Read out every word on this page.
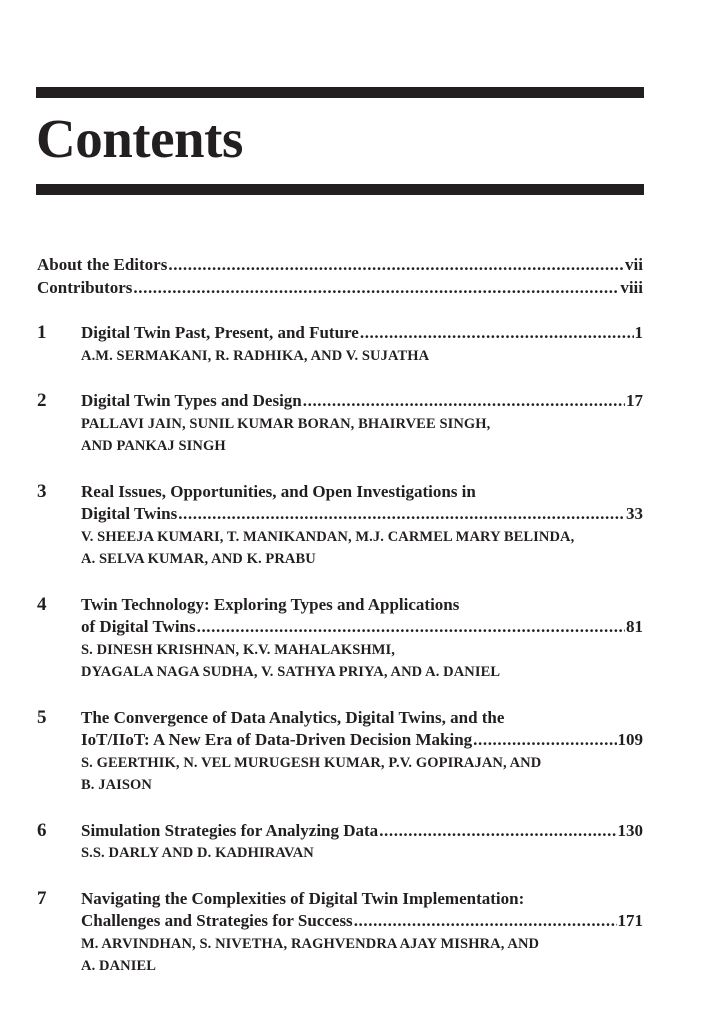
Contents
About the Editors .....	vii
Contributors .....	viii
1 Digital Twin Past, Present, and Future .....	1
A.M. SERMAKANI, R. RADHIKA, AND V. SUJATHA
2 Digital Twin Types and Design .....	17
PALLAVI JAIN, SUNIL KUMAR BORAN, BHAIRVEE SINGH,
AND PANKAJ SINGH
3 Real Issues, Opportunities, and Open Investigations in
Digital Twins .....	33
V. SHEEJA KUMARI, T. MANIKANDAN, M.J. CARMEL MARY BELINDA,
A. SELVA KUMAR, AND K. PRABU
4 Twin Technology: Exploring Types and Applications
of Digital Twins .....	81
S. DINESH KRISHNAN, K.V. MAHALAKSHMI,
DYAGALA NAGA SUDHA, V. SATHYA PRIYA, AND A. DANIEL
5 The Convergence of Data Analytics, Digital Twins, and the
IoT/IIoT: A New Era of Data-Driven Decision Making .....	109
S. GEERTHIK, N. VEL MURUGESH KUMAR, P.V. GOPIRAJAN, AND
B. JAISON
6 Simulation Strategies for Analyzing Data .....	130
S.S. DARLY AND D. KADHIRAVAN
7 Navigating the Complexities of Digital Twin Implementation:
Challenges and Strategies for Success .....	171
M. ARVINDHAN, S. NIVETHA, RAGHVENDRA AJAY MISHRA, AND
A. DANIEL
